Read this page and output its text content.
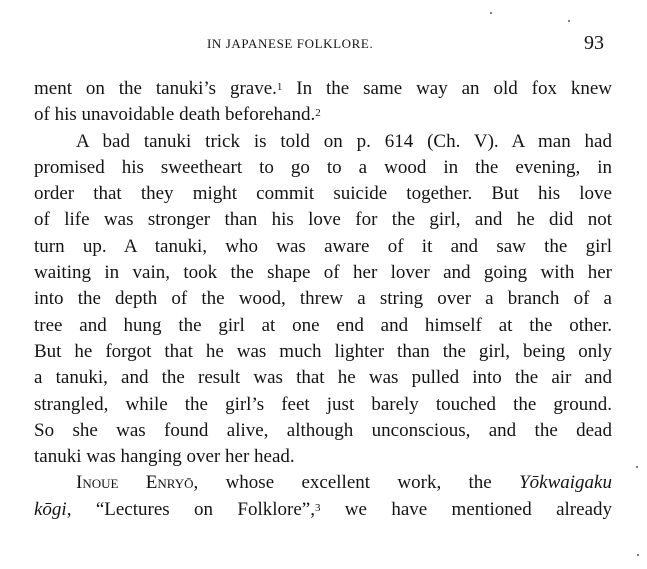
IN JAPANESE FOLKLORE.	93
ment on the tanuki’s grave.$^1$ In the same way an old fox knew
of his unavoidable death beforehand.$^2$
A bad tanuki trick is told on p. 614 (Ch. V). A man had
promised his sweetheart to go to a wood in the evening, in
order that they might commit suicide together. But his love
of life was stronger than his love for the girl, and he did not
turn up. A tanuki, who was aware of it and saw the girl
waiting in vain, took the shape of her lover and going with her
into the depth of the wood, threw a string over a branch of a
tree and hung the girl at one end and himself at the other.
But he forgot that he was much lighter than the girl, being only
a tanuki, and the result was that he was pulled into the air and
strangled, while the girl’s feet just barely touched the ground.
So she was found alive, although unconscious, and the dead
tanuki was hanging over her head.
Inoue Enryō, whose excellent work, the Yōkwaigaku
kōgi, “Lectures on Folklore”,$^3$ we have mentioned already
